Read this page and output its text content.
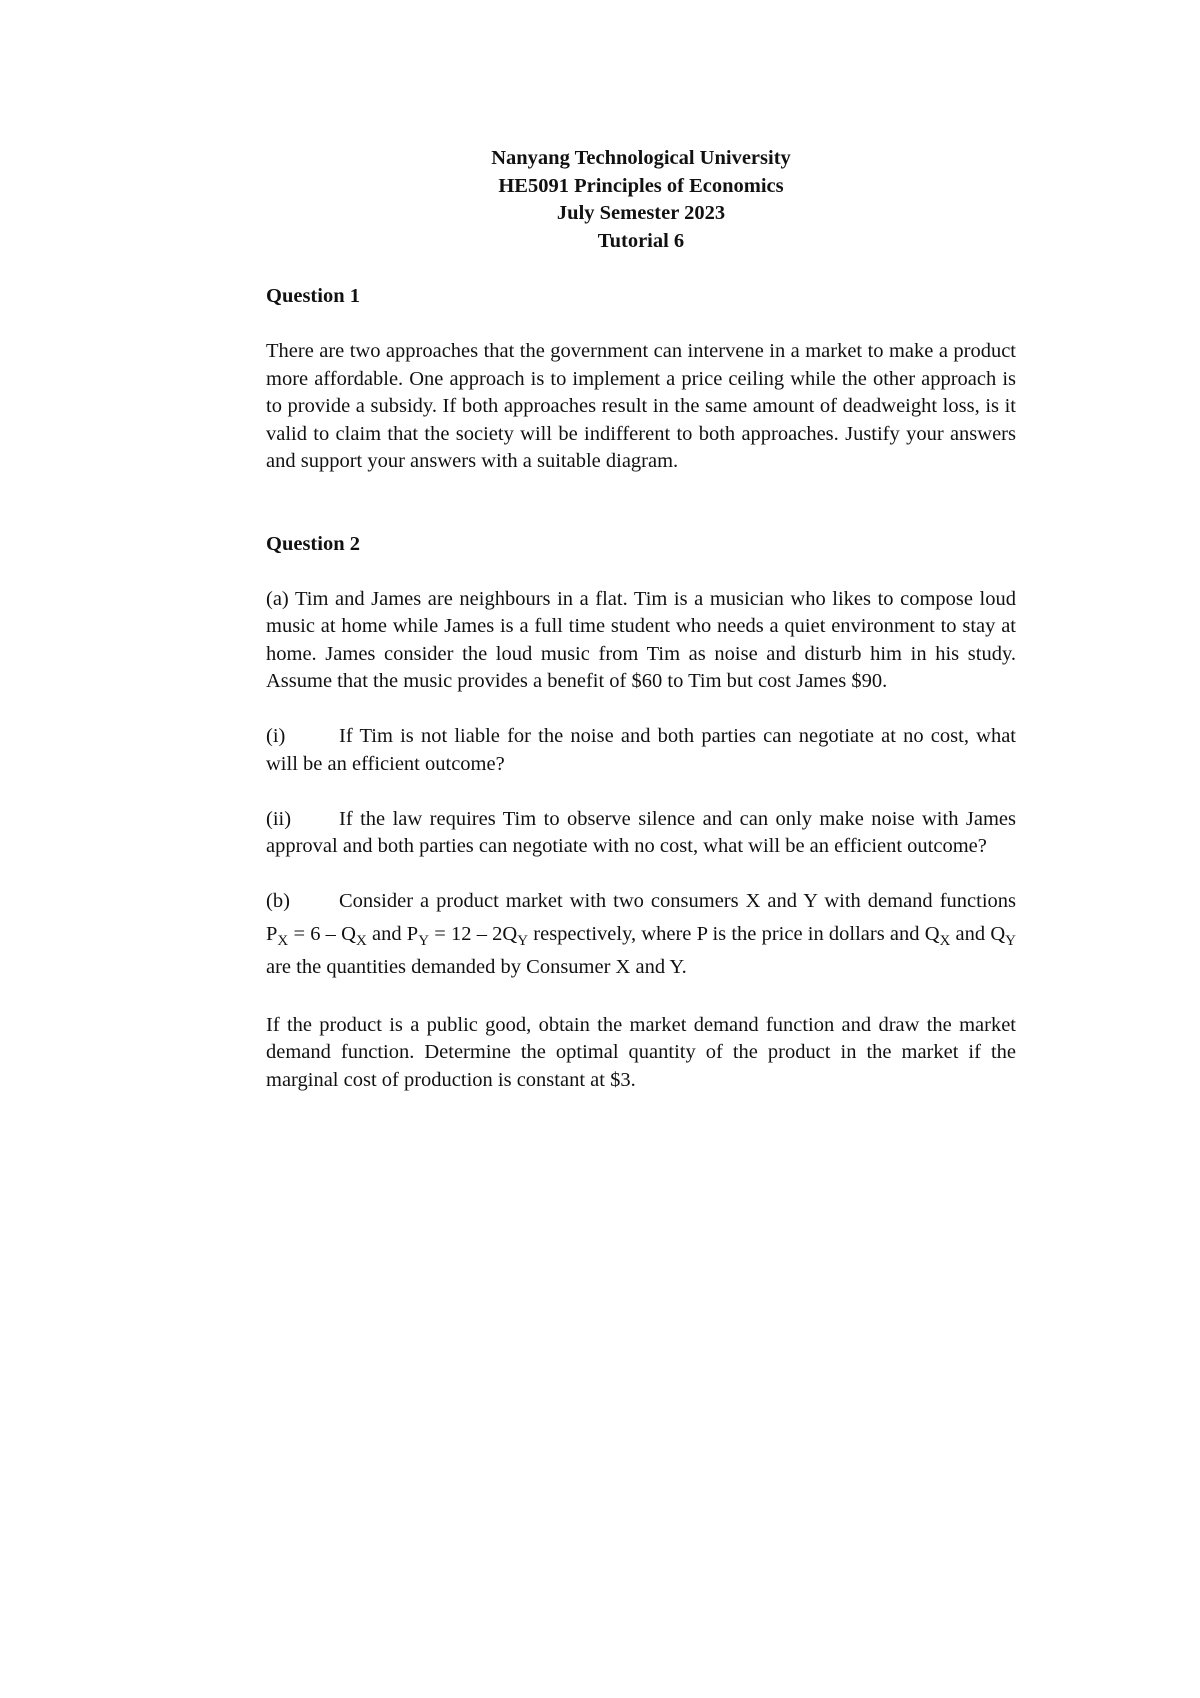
Nanyang Technological University
HE5091 Principles of Economics
July Semester 2023
Tutorial 6
Question 1

There are two approaches that the government can intervene in a market to make a product more affordable. One approach is to implement a price ceiling while the other approach is to provide a subsidy. If both approaches result in the same amount of deadweight loss, is it valid to claim that the society will be indifferent to both approaches. Justify your answers and support your answers with a suitable diagram.

Question 2

(a) Tim and James are neighbours in a flat. Tim is a musician who likes to compose loud music at home while James is a full time student who needs a quiet environment to stay at home. James consider the loud music from Tim as noise and disturb him in his study. Assume that the music provides a benefit of $60 to Tim but cost James $90.

(i)	If Tim is not liable for the noise and both parties can negotiate at no cost, what will be an efficient outcome?

(ii) If the law requires Tim to observe silence and can only make noise with James approval and both parties can negotiate with no cost, what will be an efficient outcome?

(b) Consider a product market with two consumers X and Y with demand functions $P_X = 6 - Q_X$ and $P_Y = 12 - 2Q_Y$ respectively, where P is the price in dollars and $Q_X$ and $Q_Y$ are the quantities demanded by Consumer X and Y.

If the product is a public good, obtain the market demand function and draw the market demand function. Determine the optimal quantity of the product in the market if the marginal cost of production is constant at $3.
